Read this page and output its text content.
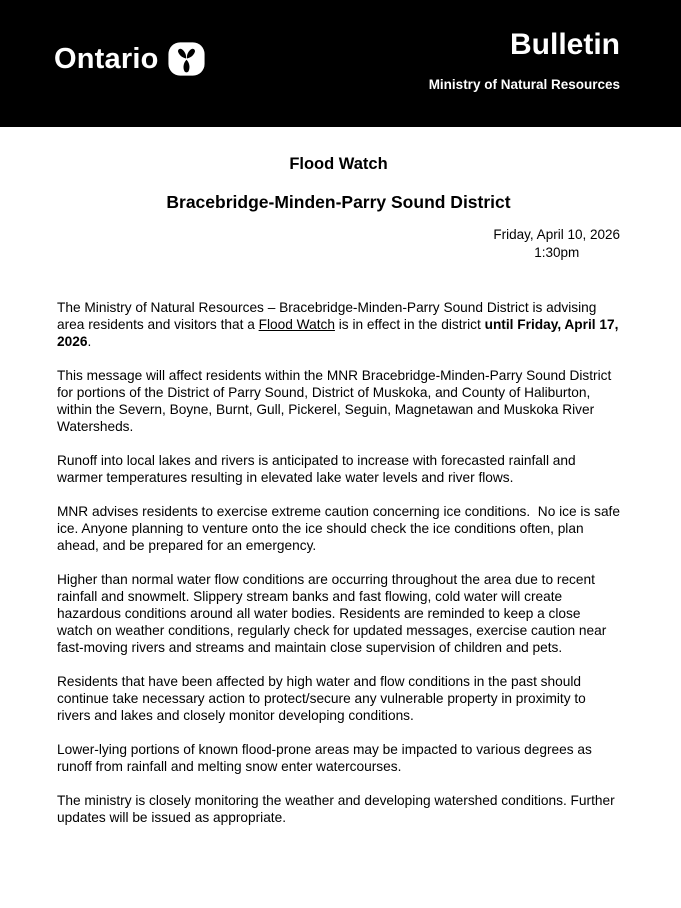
Ontario	Bulletin
Ministry of Natural Resources
Flood Watch
Bracebridge-Minden-Parry Sound District
Friday, April 10, 2026
1:30pm

The Ministry of Natural Resources – Bracebridge-Minden-Parry Sound District is advising area residents and visitors that a Flood Watch is in effect in the district until Friday, April 17, 2026.

This message will affect residents within the MNR Bracebridge-Minden-Parry Sound District for portions of the District of Parry Sound, District of Muskoka, and County of Haliburton, within the Severn, Boyne, Burnt, Gull, Pickerel, Seguin, Magnetawan and Muskoka River Watersheds.

Runoff into local lakes and rivers is anticipated to increase with forecasted rainfall and warmer temperatures resulting in elevated lake water levels and river flows.

MNR advises residents to exercise extreme caution concerning ice conditions.  No ice is safe ice. Anyone planning to venture onto the ice should check the ice conditions often, plan ahead, and be prepared for an emergency.

Higher than normal water flow conditions are occurring throughout the area due to recent rainfall and snowmelt. Slippery stream banks and fast flowing, cold water will create hazardous conditions around all water bodies. Residents are reminded to keep a close watch on weather conditions, regularly check for updated messages, exercise caution near fast-moving rivers and streams and maintain close supervision of children and pets.

Residents that have been affected by high water and flow conditions in the past should continue take necessary action to protect/secure any vulnerable property in proximity to rivers and lakes and closely monitor developing conditions.

Lower-lying portions of known flood-prone areas may be impacted to various degrees as runoff from rainfall and melting snow enter watercourses.

The ministry is closely monitoring the weather and developing watershed conditions. Further updates will be issued as appropriate.
